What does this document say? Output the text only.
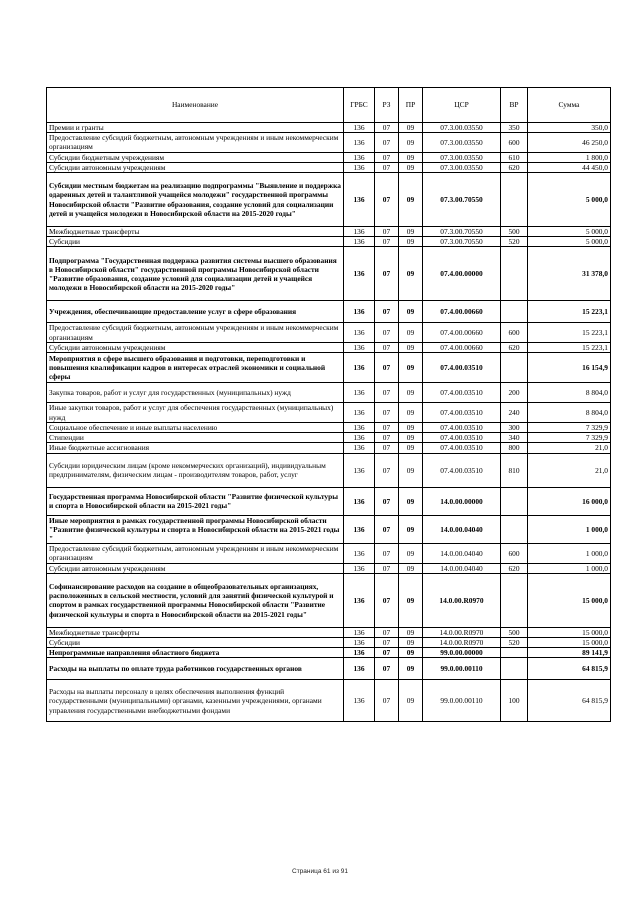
Наименование	ГРБС	РЗ	ПР	ЦСР	ВР	Сумма
Премии и гранты	136	07	09	07.3.00.03550	350	350,0
Предоставление субсидий бюджетным, автономным учреждениям и иным некоммерческим организациям	136	07	09	07.3.00.03550	600	46 250,0
Субсидии бюджетным учреждениям	136	07	09	07.3.00.03550	610	1 800,0
Субсидии автономным учреждениям	136	07	09	07.3.00.03550	620	44 450,0
Субсидии местным бюджетам на реализацию подпрограммы "Выявление и поддержка одаренных детей и талантливой учащейся молодежи" государственной программы Новосибирской области "Развитие образования, создание условий для социализации детей и учащейся молодежи в Новосибирской области на 2015-2020 годы"	136	07	09	07.3.00.70550		5 000,0
Межбюджетные трансферты	136	07	09	07.3.00.70550	500	5 000,0
Субсидии	136	07	09	07.3.00.70550	520	5 000,0
Подпрограмма "Государственная поддержка развития системы высшего образования в Новосибирской области" государственной программы Новосибирской области "Развитие образования, создание условий для социализации детей и учащейся молодежи в Новосибирской области на 2015-2020 годы"	136	07	09	07.4.00.00000		31 378,0
Учреждения, обеспечивающие предоставление услуг в сфере образования	136	07	09	07.4.00.00660		15 223,1
Предоставление субсидий бюджетным, автономным учреждениям и иным некоммерческим организациям	136	07	09	07.4.00.00660	600	15 223,1
Субсидии автономным учреждениям	136	07	09	07.4.00.00660	620	15 223,1
Мероприятия в сфере высшего образования и подготовки, переподготовки и повышения квалификации кадров в интересах отраслей экономики и социальной сферы	136	07	09	07.4.00.03510		16 154,9
Закупка товаров, работ и услуг для государственных (муниципальных) нужд	136	07	09	07.4.00.03510	200	8 804,0
Иные закупки товаров, работ и услуг для обеспечения государственных (муниципальных) нужд	136	07	09	07.4.00.03510	240	8 804,0
Социальное обеспечение и иные выплаты населению	136	07	09	07.4.00.03510	300	7 329,9
Стипендии	136	07	09	07.4.00.03510	340	7 329,9
Иные бюджетные ассигнования	136	07	09	07.4.00.03510	800	21,0
Субсидии юридическим лицам (кроме некоммерческих организаций), индивидуальным предпринимателям, физическим лицам - производителям товаров, работ, услуг	136	07	09	07.4.00.03510	810	21,0
Государственная программа Новосибирской области "Развитие физической культуры и спорта в Новосибирской области на 2015-2021 годы"	136	07	09	14.0.00.00000		16 000,0
Иные мероприятия в рамках государственной программы Новосибирской области "Развитие физической культуры и спорта в Новосибирской области на 2015-2021 годы "	136	07	09	14.0.00.04040		1 000,0
Предоставление субсидий бюджетным, автономным учреждениям и иным некоммерческим организациям	136	07	09	14.0.00.04040	600	1 000,0
Субсидии автономным учреждениям	136	07	09	14.0.00.04040	620	1 000,0
Софинансирование расходов на создание в общеобразовательных организациях, расположенных в сельской местности, условий для занятий физической культурой и спортом в рамках государственной программы Новосибирской области "Развитие физической культуры и спорта в Новосибирской области на 2015-2021 годы"	136	07	09	14.0.00.R0970		15 000,0
Межбюджетные трансферты	136	07	09	14.0.00.R0970	500	15 000,0
Субсидии	136	07	09	14.0.00.R0970	520	15 000,0
Непрограммные направления областного бюджета	136	07	09	99.0.00.00000		89 141,9
Расходы на выплаты по оплате труда работников государственных органов	136	07	09	99.0.00.00110		64 815,9
Расходы на выплаты персоналу в целях обеспечения выполнения функций государственными (муниципальными) органами, казенными учреждениями, органами управления государственными внебюджетными фондами	136	07	09	99.0.00.00110	100	64 815,9
Страница 61 из 91
